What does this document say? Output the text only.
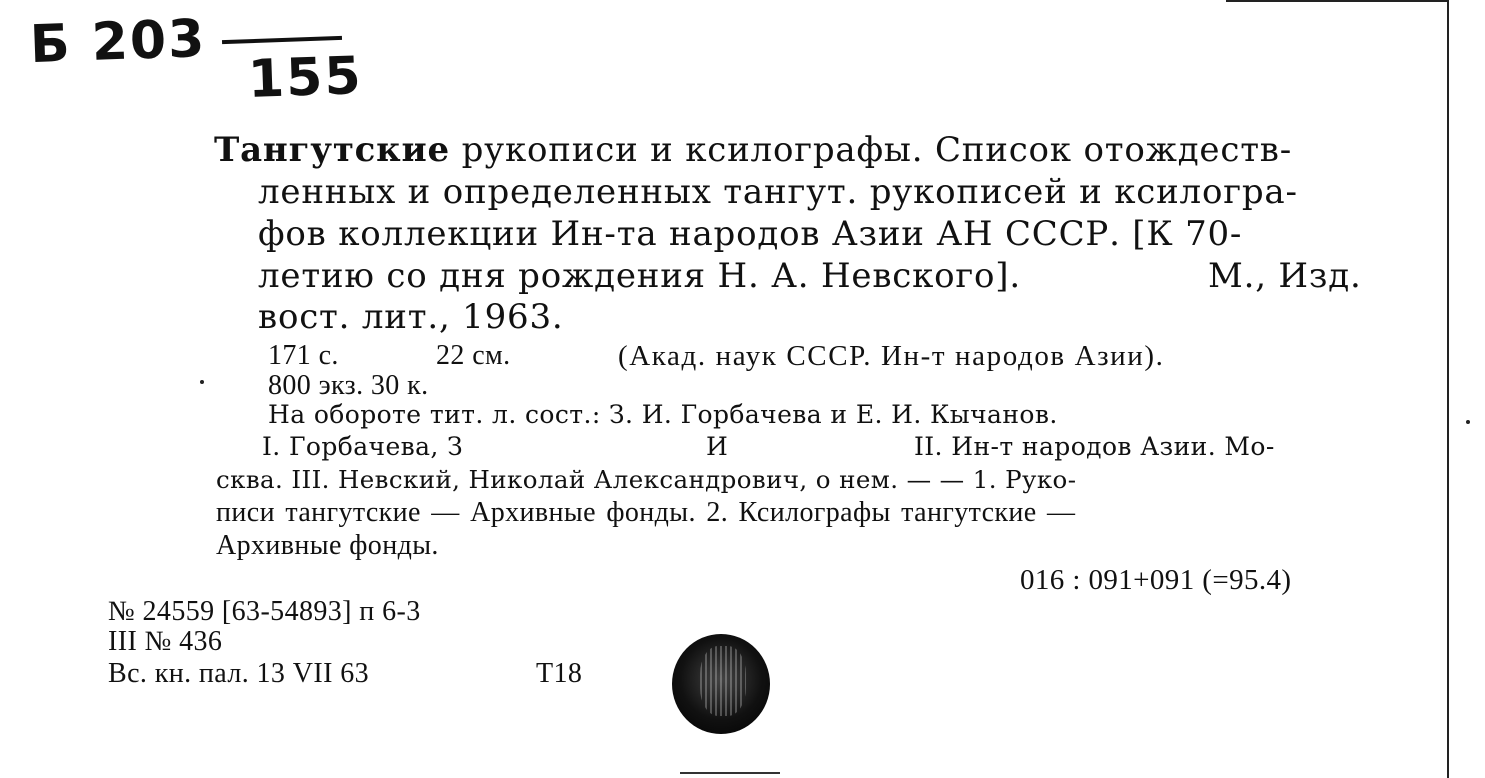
Б 203
155
Тангутские рукописи и ксилографы. Список отождеств-
ленных и определенных тангут. рукописей и ксилогра-
фов коллекции Ин-та народов Азии АН СССР. [К 70-
летию со дня рождения Н. А. Невского].	М., Изд.
вост. лит., 1963.
171 с.	22 см.	(Акад. наук СССР. Ин-т народов Азии).
800 экз. 30 к.
На обороте тит. л. сост.: З. И. Горбачева и Е. И. Кычанов.
I. Горбачева, З	И	II. Ин-т народов Азии. Мо-
сква. III. Невский, Николай Александрович, о нем. — — 1. Руко-
писи тангутские — Архивные фонды. 2. Ксилографы тангутские —
Архивные фонды.
016 : 091+091 (=95.4)
№ 24559 [63-54893] п 6-3
III № 436
Вс. кн. пал. 13 VII 63	Т18
